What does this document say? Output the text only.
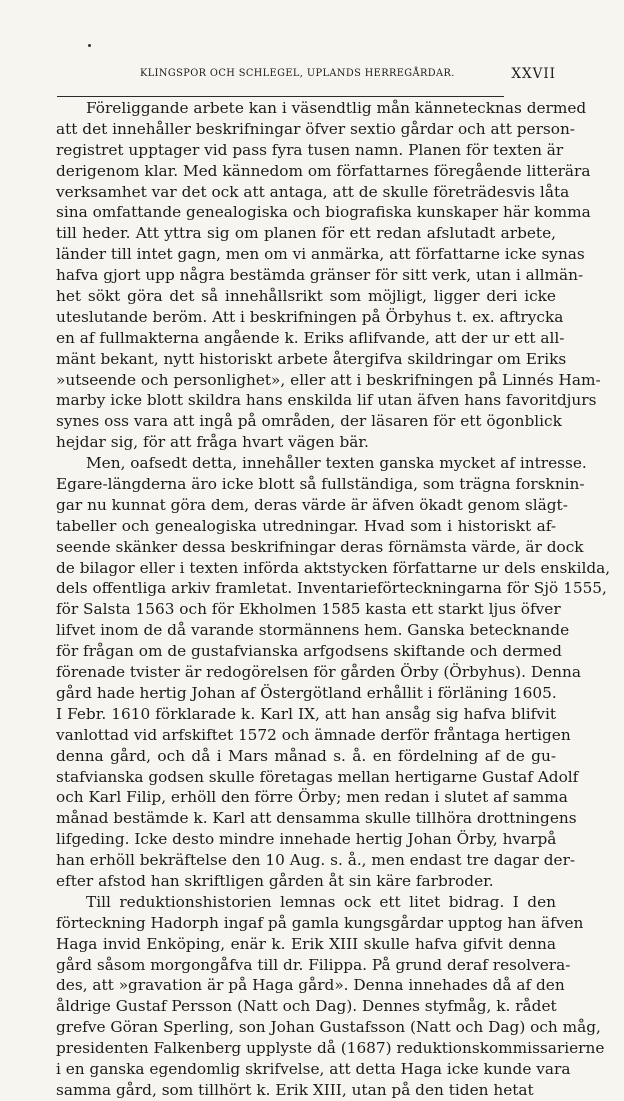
KLINGSPOR OCH SCHLEGEL, UPLANDS HERREGÅRDAR.	XXVII
Föreliggande arbete kan i väsendtlig mån kännetecknas dermed
att det innehåller beskrifningar öfver sextio gårdar och att person-
registret upptager vid pass fyra tusen namn. Planen för texten är
derigenom klar. Med kännedom om författarnes föregående litterära
verksamhet var det ock att antaga, att de skulle företrädesvis låta
sina omfattande genealogiska och biografiska kunskaper här komma
till heder. Att yttra sig om planen för ett redan afslutadt arbete,
länder till intet gagn, men om vi anmärka, att författarne icke synas
hafva gjort upp några bestämda gränser för sitt verk, utan i allmän-
het sökt göra det så innehållsrikt som möjligt, ligger deri icke
uteslutande beröm. Att i beskrifningen på Örbyhus t. ex. aftrycka
en af fullmakterna angående k. Eriks aflifvande, att der ur ett all-
mänt bekant, nytt historiskt arbete återgifva skildringar om Eriks
»utseende och personlighet», eller att i beskrifningen på Linnés Ham-
marby icke blott skildra hans enskilda lif utan äfven hans favoritdjurs
synes oss vara att ingå på områden, der läsaren för ett ögonblick
hejdar sig, för att fråga hvart vägen bär.
Men, oafsedt detta, innehåller texten ganska mycket af intresse.
Egare-längderna äro icke blott så fullständiga, som trägna forsknin-
gar nu kunnat göra dem, deras värde är äfven ökadt genom slägt-
tabeller och genealogiska utredningar. Hvad som i historiskt af-
seende skänker dessa beskrifningar deras förnämsta värde, är dock
de bilagor eller i texten införda aktstycken författarne ur dels enskilda,
dels offentliga arkiv framletat. Inventarieförteckningarna för Sjö 1555,
för Salsta 1563 och för Ekholmen 1585 kasta ett starkt ljus öfver
lifvet inom de då varande stormännens hem. Ganska betecknande
för frågan om de gustafvianska arfgodsens skiftande och dermed
förenade tvister är redogörelsen för gården Örby (Örbyhus). Denna
gård hade hertig Johan af Östergötland erhållit i förläning 1605.
I Febr. 1610 förklarade k. Karl IX, att han ansåg sig hafva blifvit
vanlottad vid arfskiftet 1572 och ämnade derför fråntaga hertigen
denna gård, och då i Mars månad s. å. en fördelning af de gu-
stafvianska godsen skulle företagas mellan hertigarne Gustaf Adolf
och Karl Filip, erhöll den förre Örby; men redan i slutet af samma
månad bestämde k. Karl att densamma skulle tillhöra drottningens
lifgeding. Icke desto mindre innehade hertig Johan Örby, hvarpå
han erhöll bekräftelse den 10 Aug. s. å., men endast tre dagar der-
efter afstod han skriftligen gården åt sin käre farbroder.
Till reduktionshistorien lemnas ock ett litet bidrag. I den
förteckning Hadorph ingaf på gamla kungsgårdar upptog han äfven
Haga invid Enköping, enär k. Erik XIII skulle hafva gifvit denna
gård såsom morgongåfva till dr. Filippa. På grund deraf resolvera-
des, att »gravation är på Haga gård». Denna innehades då af den
åldrige Gustaf Persson (Natt och Dag). Dennes styfmåg, k. rådet
grefve Göran Sperling, son Johan Gustafsson (Natt och Dag) och måg,
presidenten Falkenberg upplyste då (1687) reduktionskommissarierne
i en ganska egendomlig skrifvelse, att detta Haga icke kunde vara
samma gård, som tillhört k. Erik XIII, utan på den tiden hetat
